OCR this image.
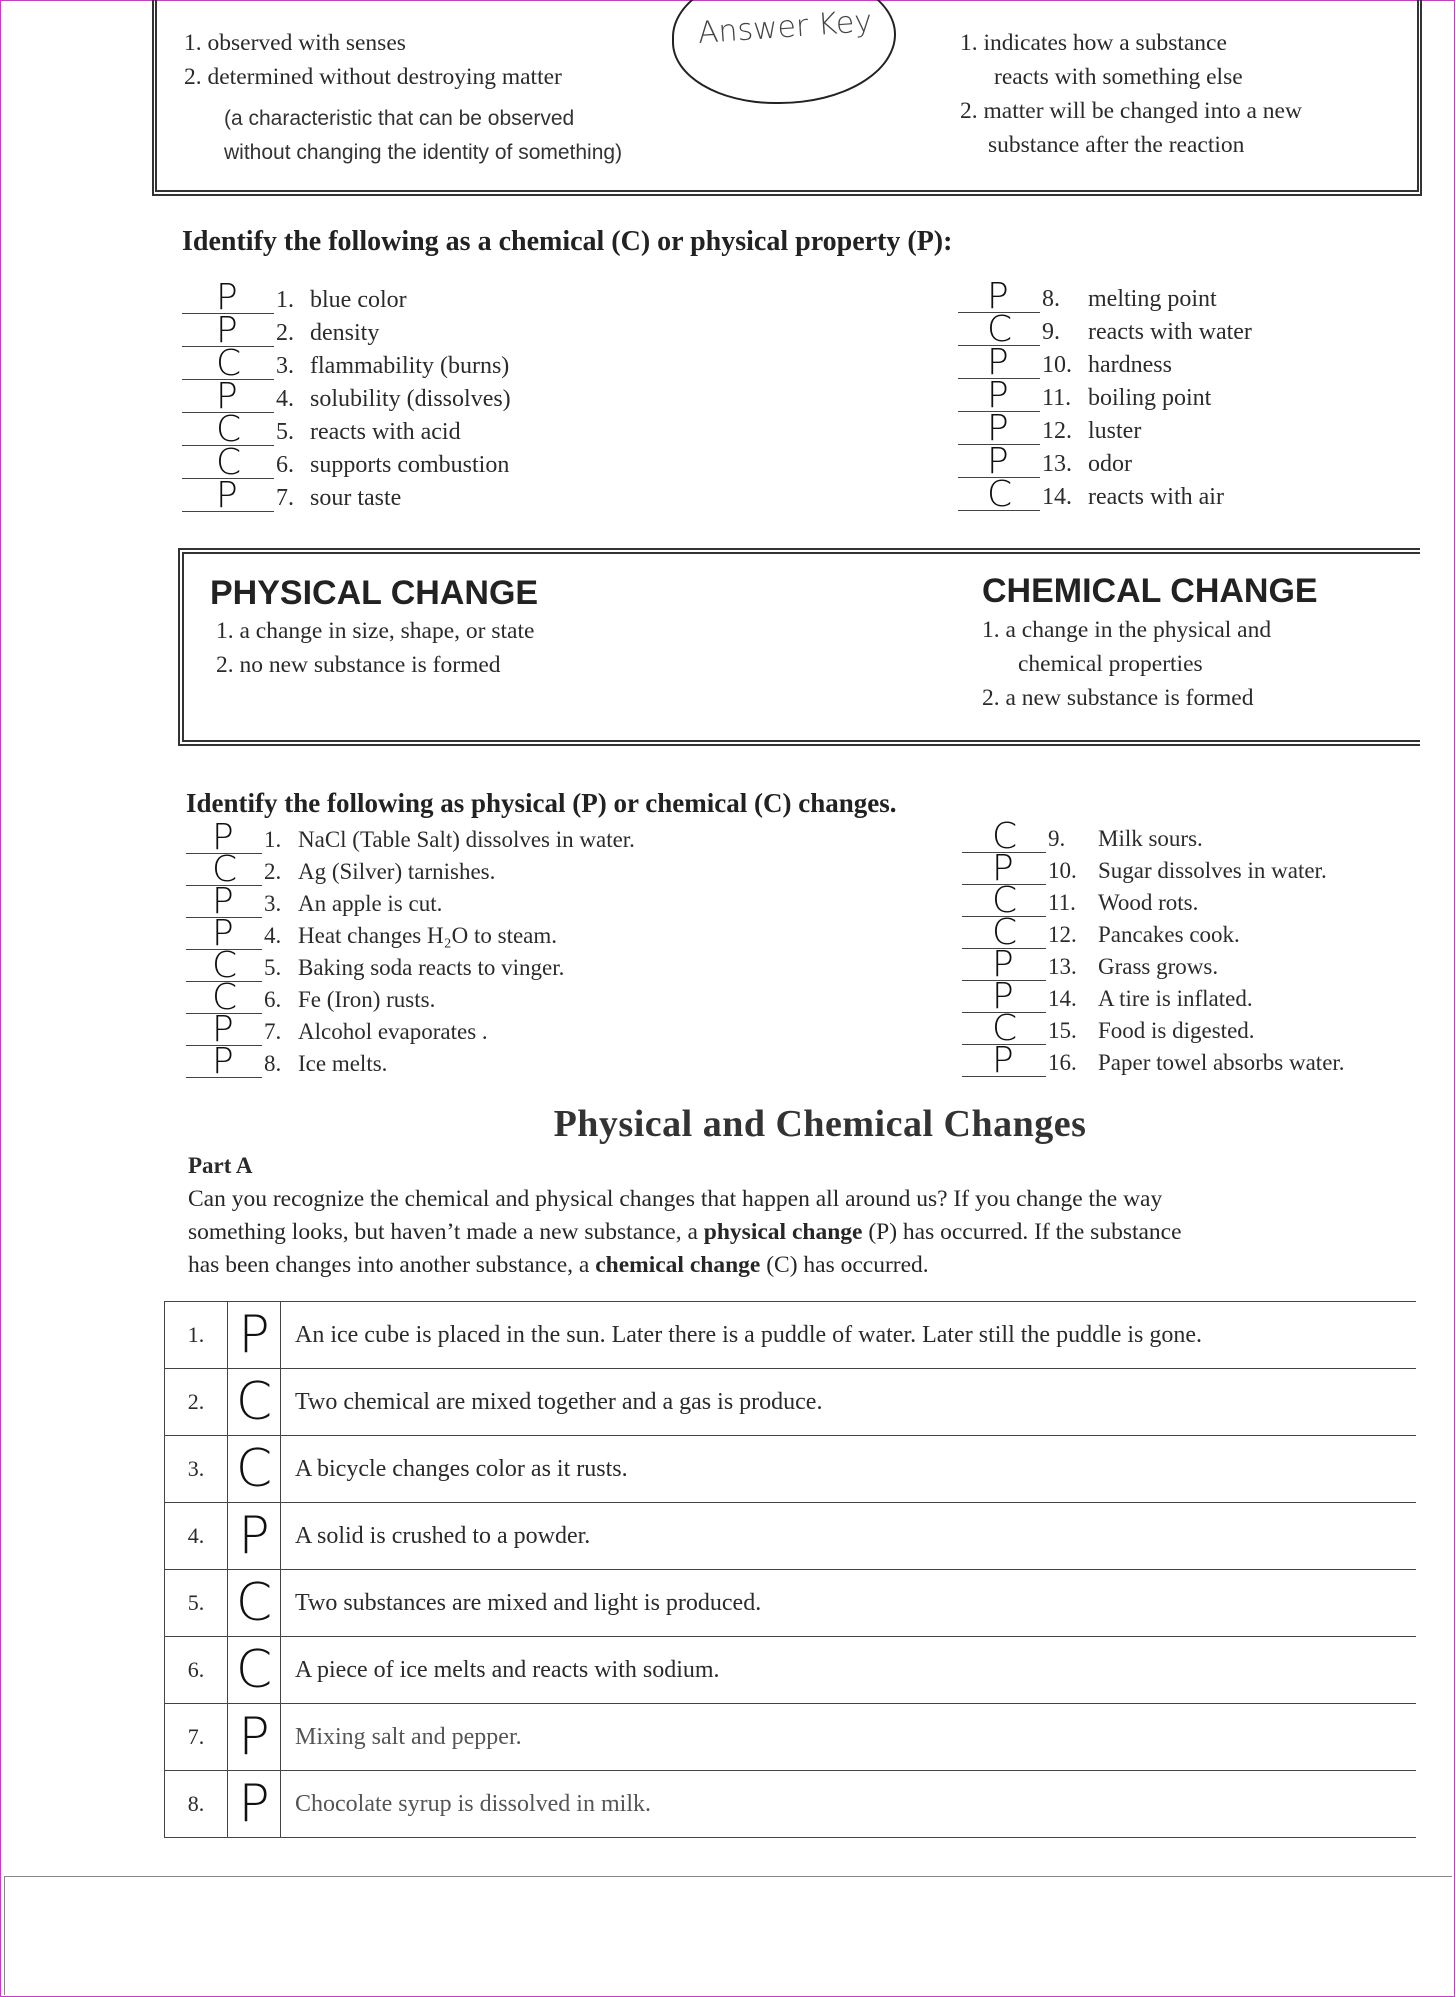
1. observed with senses
2. determined without destroying matter
(a characteristic that can be observed
without changing the identity of something)
Answer Key	1. indicates how a substance
reacts with something else
2. matter will be changed into a new
substance after the reaction
Identify the following as a chemical (C) or physical property (P):
P 1. blue color
P 2. density
C 3. flammability (burns)
P 4. solubility (dissolves)
C 5. reacts with acid
C 6. supports combustion
P 7. sour taste
P 8. melting point
C 9. reacts with water
P 10. hardness
P 11. boiling point
P 12. luster
P 13. odor
C 14. reacts with air
PHYSICAL CHANGE
1. a change in size, shape, or state
2. no new substance is formed
CHEMICAL CHANGE
1. a change in the physical and
chemical properties
2. a new substance is formed
Identify the following as physical (P) or chemical (C) changes.
P 1. NaCl (Table Salt) dissolves in water.
C 2. Ag (Silver) tarnishes.
P 3. An apple is cut.
P 4. Heat changes H₂O to steam.
C 5. Baking soda reacts to vinger.
C 6. Fe (Iron) rusts.
P 7. Alcohol evaporates .
P 8. Ice melts.
C 9. Milk sours.
P 10. Sugar dissolves in water.
C 11. Wood rots.
C 12. Pancakes cook.
P 13. Grass grows.
P 14. A tire is inflated.
C 15. Food is digested.
P 16. Paper towel absorbs water.
Physical and Chemical Changes
Part A
Can you recognize the chemical and physical changes that happen all around us? If you change the way
something looks, but haven’t made a new substance, a physical change (P) has occurred. If the substance
has been changes into another substance, a chemical change (C) has occurred.
1.	P	An ice cube is placed in the sun. Later there is a puddle of water. Later still the puddle is gone.
2.	C	Two chemical are mixed together and a gas is produce.
3.	C	A bicycle changes color as it rusts.
4.	P	A solid is crushed to a powder.
5.	C	Two substances are mixed and light is produced.
6.	C	A piece of ice melts and reacts with sodium.
7.	P	Mixing salt and pepper.
8.	P	Chocolate syrup is dissolved in milk.
